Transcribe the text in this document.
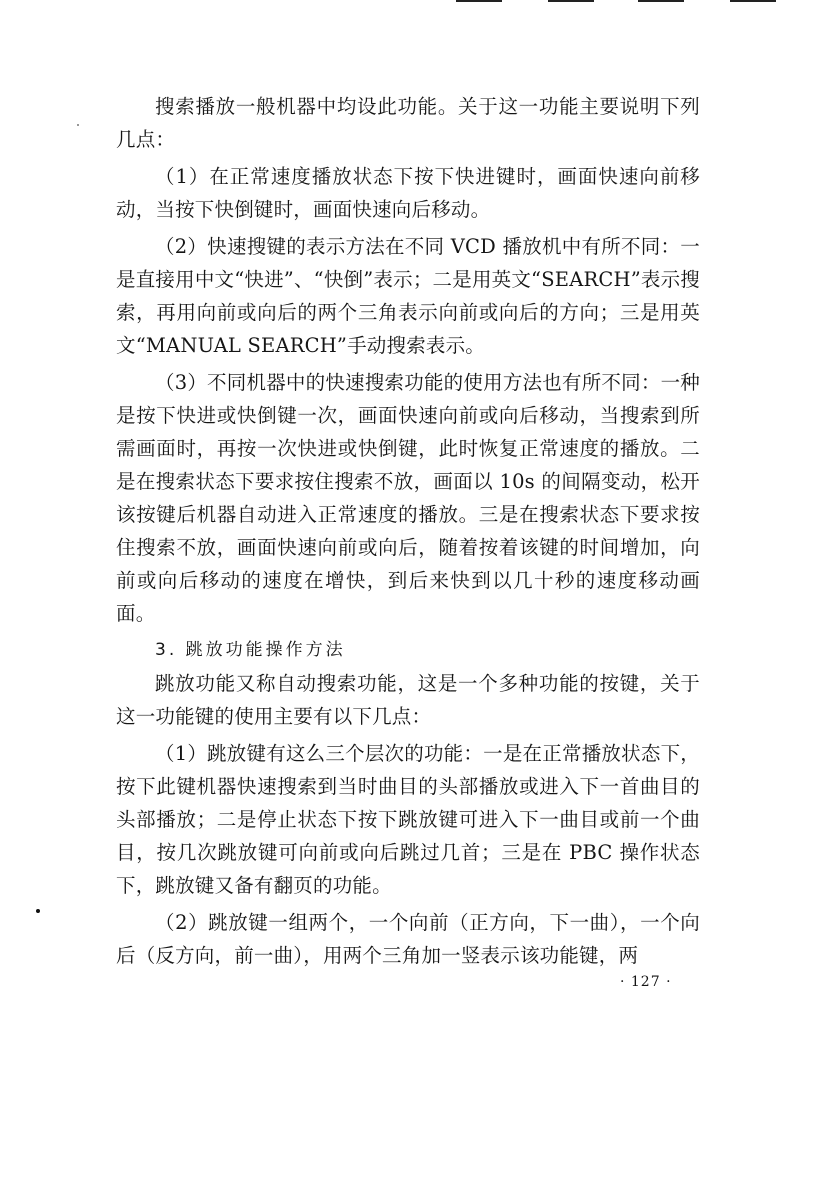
搜索播放一般机器中均设此功能。关于这一功能主要说明下列几点：

（1）在正常速度播放状态下按下快进键时，画面快速向前移动，当按下快倒键时，画面快速向后移动。

（2）快速搜键的表示方法在不同 VCD 播放机中有所不同：一是直接用中文“快进”、“快倒”表示；二是用英文“SEARCH”表示搜索，再用向前或向后的两个三角表示向前或向后的方向；三是用英文“MANUAL SEARCH”手动搜索表示。

（3）不同机器中的快速搜索功能的使用方法也有所不同：一种是按下快进或快倒键一次，画面快速向前或向后移动，当搜索到所需画面时，再按一次快进或快倒键，此时恢复正常速度的播放。二是在搜索状态下要求按住搜索不放，画面以 10s 的间隔变动，松开该按键后机器自动进入正常速度的播放。三是在搜索状态下要求按住搜索不放，画面快速向前或向后，随着按着该键的时间增加，向前或向后移动的速度在增快，到后来快到以几十秒的速度移动画面。

3. 跳放功能操作方法

跳放功能又称自动搜索功能，这是一个多种功能的按键，关于这一功能键的使用主要有以下几点：

（1）跳放键有这么三个层次的功能：一是在正常播放状态下，按下此键机器快速搜索到当时曲目的头部播放或进入下一首曲目的头部播放；二是停止状态下按下跳放键可进入下一曲目或前一个曲目，按几次跳放键可向前或向后跳过几首；三是在 PBC 操作状态下，跳放键又备有翻页的功能。

（2）跳放键一组两个，一个向前（正方向，下一曲），一个向后（反方向，前一曲），用两个三角加一竖表示该功能键，两

· 127 ·
